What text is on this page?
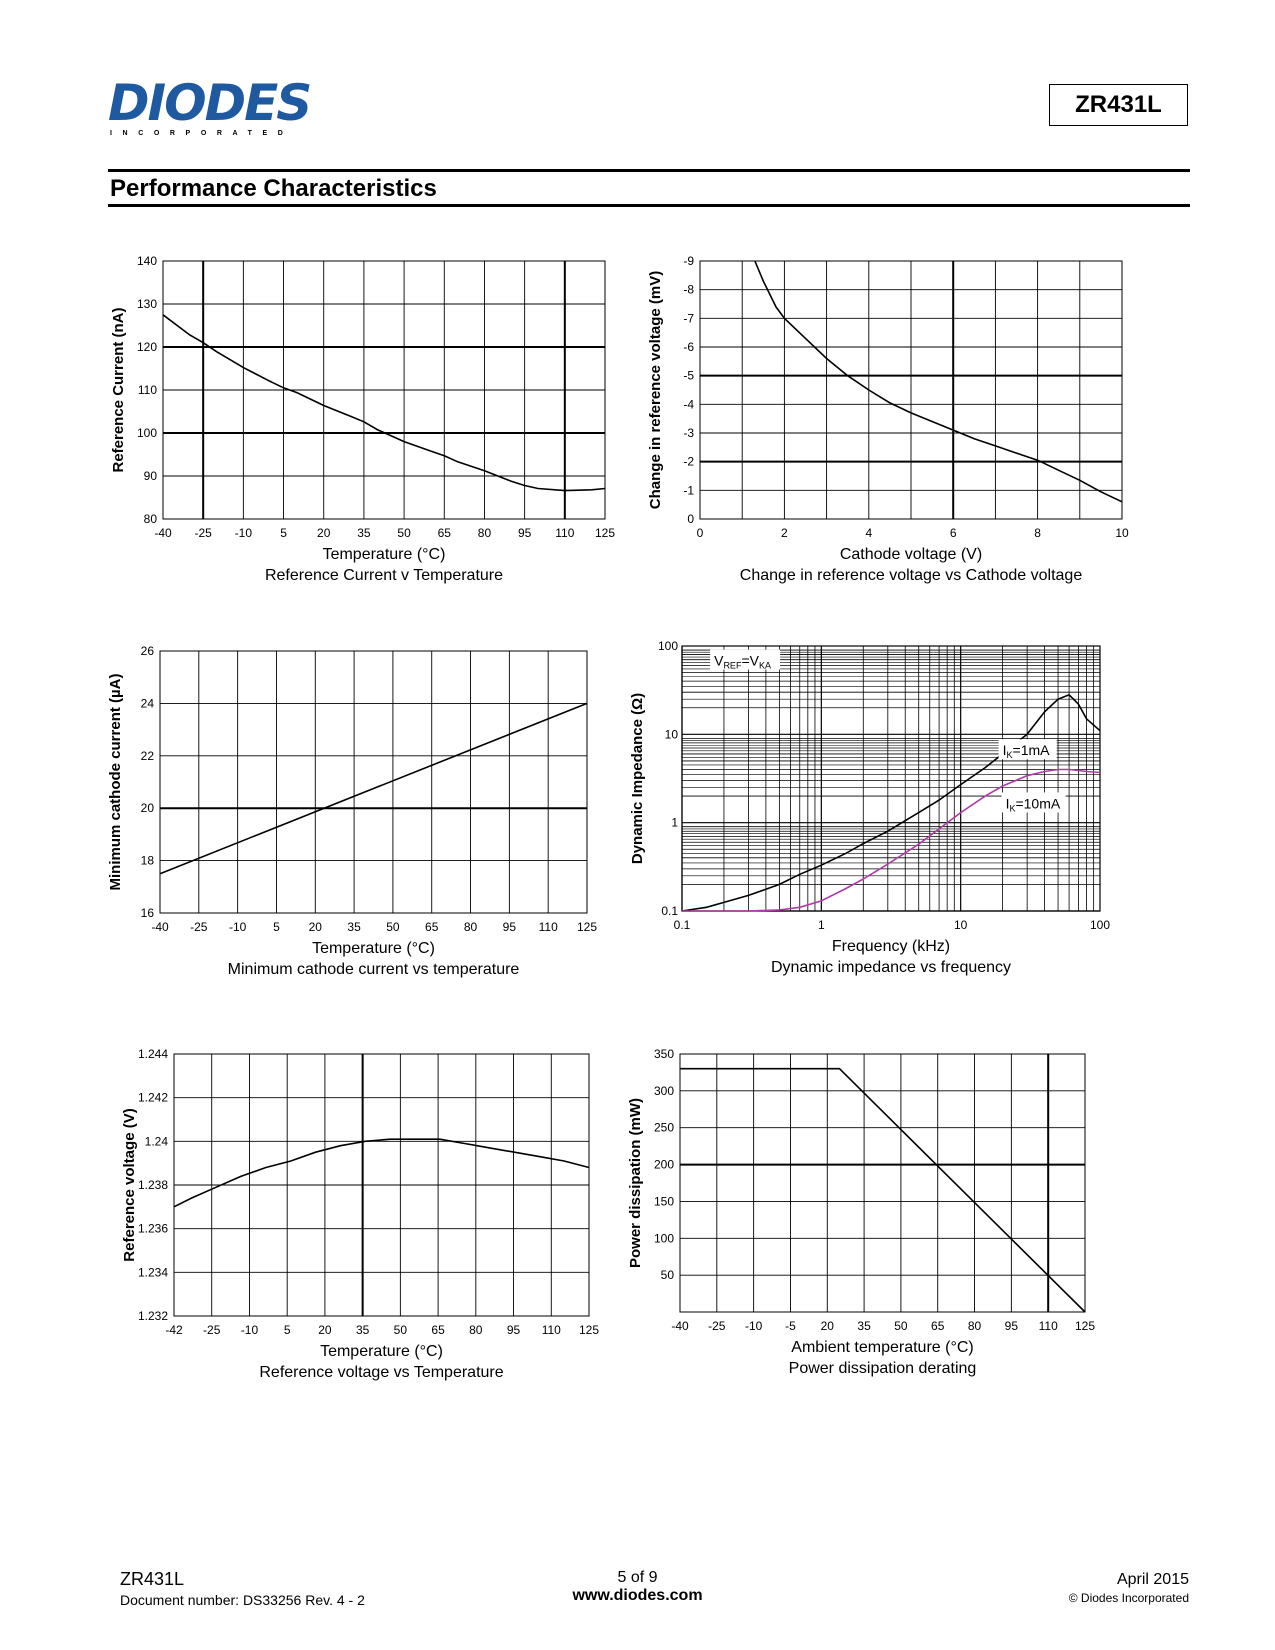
DIODES
INCORPORATED
ZR431L
Performance Characteristics
-40 -25 -10 5	20 35 50 65 80 95 110 125
80
90
100
110
120
130
140
Temperature (°C)
Reference Current v Temperature
Reference Current (nA)
0	2	4	6	8	10
0
-1
-2
-3
-4
-5
-6
-7
-8
-9
Cathode voltage (V)
Change in reference voltage vs Cathode voltage
Change in reference voltage (mV)
-40 -25 -10 5 20 35 50 65 80 95 110 125
16
18
20
22
24
26
Temperature (°C)
Minimum cathode current vs temperature
Minimum cathode current (µA)
0.1	1	10	100
0.1
1
10
100
$V_{REF}=V_{KA}$
$I_K=1mA$
$I_K=10mA$
Frequency (kHz)
Dynamic impedance vs frequency
Dynamic Impedance (Ω)
-42 -25 -10 5 20 35 50 65 80 95 110 125
1.232
1.234
1.236
1.238
1.24
1.242
1.244
Temperature (°C)
Reference voltage vs Temperature
Reference voltage (V)
-40 -25 -10 -5 20 35 50 65 80 95 110 125
50
100
150
200
250
300
350
Ambient temperature (°C)
Power dissipation derating
Power dissipation (mW)
ZR431L
Document number: DS33256 Rev. 4 - 2
5 of 9
www.diodes.com
April 2015
© Diodes Incorporated
